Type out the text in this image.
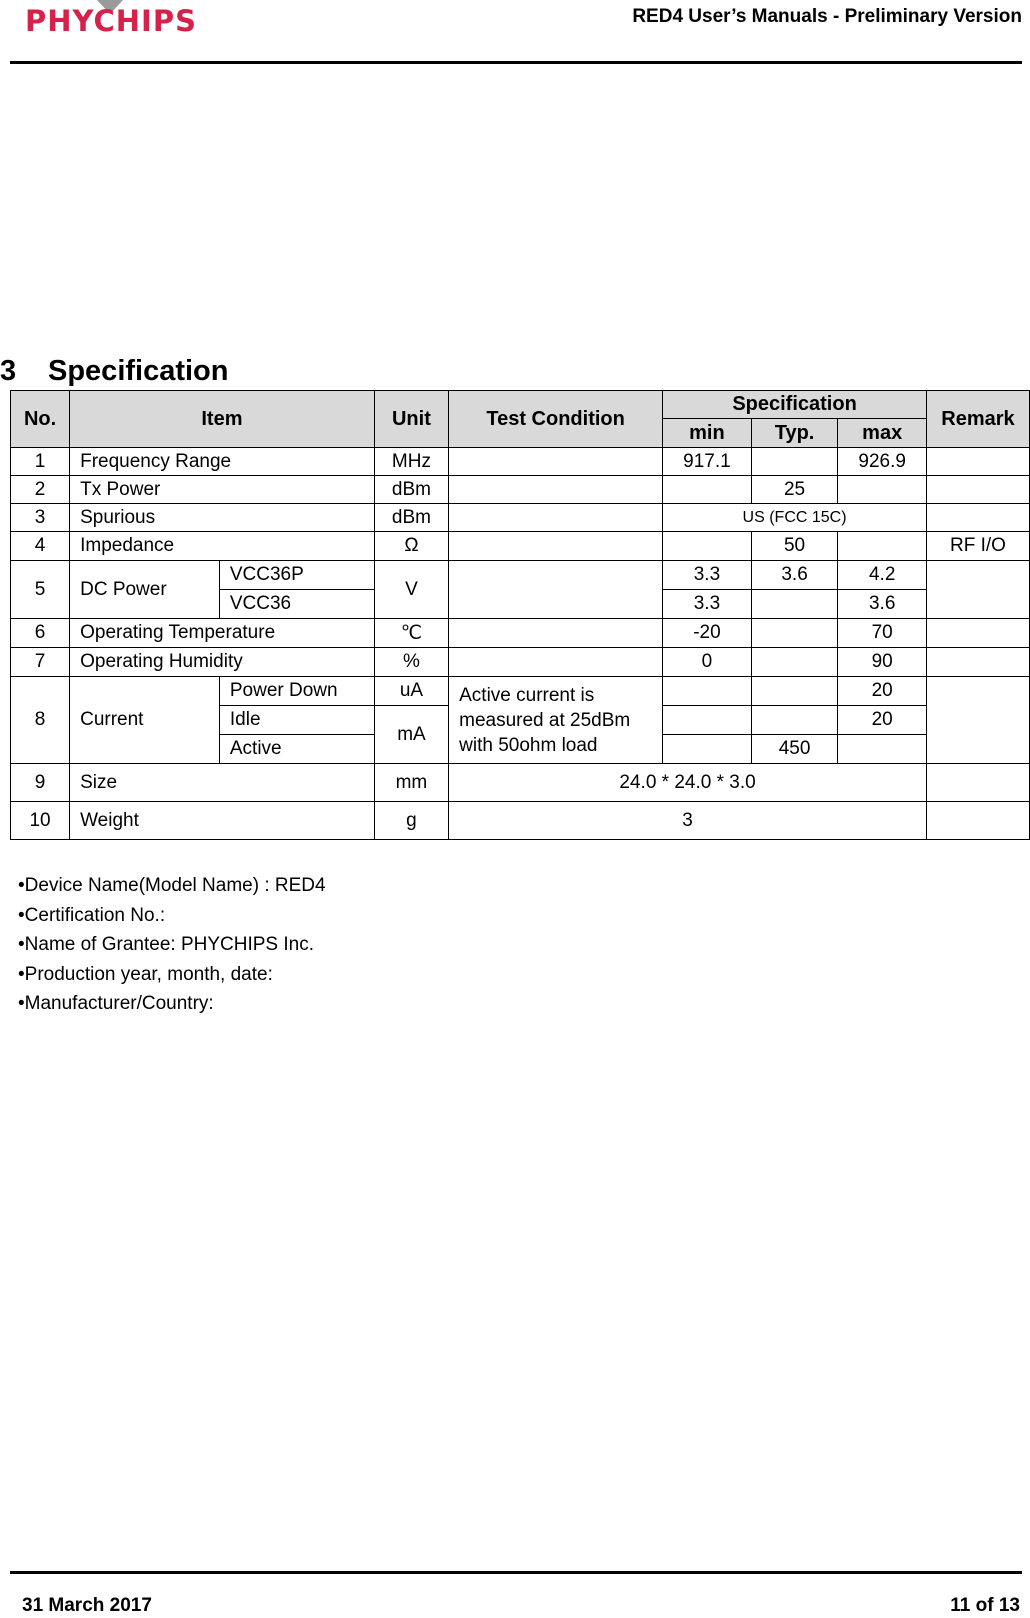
PHYCHIPS	RED4 User’s Manuals - Preliminary Version
3 Specification
No.	Item		Unit	Test Condition	Specification			Remark
					min	Typ.	max	
1	Frequency Range		MHz		917.1		926.9	
2	Tx Power		dBm			25		
3	Spurious		dBm		US (FCC 15C)			
4	Impedance		Ω			50		RF I/O
5	DC Power	VCC36P	V		3.3	3.6	4.2	
		VCC36			3.3		3.6	
6	Operating Temperature		℃		-20		70	
7	Operating Humidity		%		0		90	
8	Current	Power Down	uA	Active current is measured at 25dBm with 50ohm load			20	
		Idle	mA				20	
		Active				450		
9	Size		mm	24.0 * 24.0 * 3.0				
10	Weight		g	3				
•Device Name(Model Name) : RED4
•Certification No.:
•Name of Grantee: PHYCHIPS Inc.
•Production year, month, date:
•Manufacturer/Country:
31 March 2017	11 of 13
